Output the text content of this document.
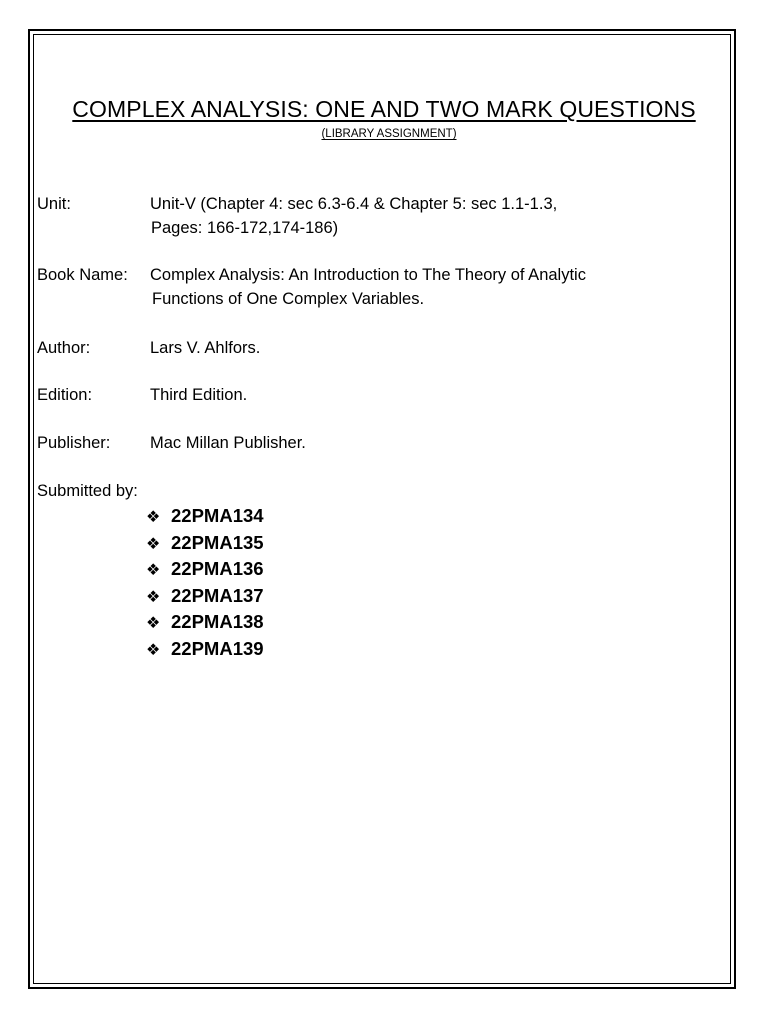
COMPLEX ANALYSIS: ONE AND TWO MARK QUESTIONS
(LIBRARY ASSIGNMENT)
Unit:	Unit-V (Chapter 4: sec 6.3-6.4 & Chapter 5: sec 1.1-1.3,
Pages: 166-172,174-186)
Book Name: Complex Analysis: An Introduction to The Theory of Analytic
Functions of One Complex Variables.
Author:	Lars V. Ahlfors.
Edition:	Third Edition.
Publisher: Mac Millan Publisher.
Submitted by:
❖ 22PMA134
❖ 22PMA135
❖ 22PMA136
❖ 22PMA137
❖ 22PMA138
❖ 22PMA139
